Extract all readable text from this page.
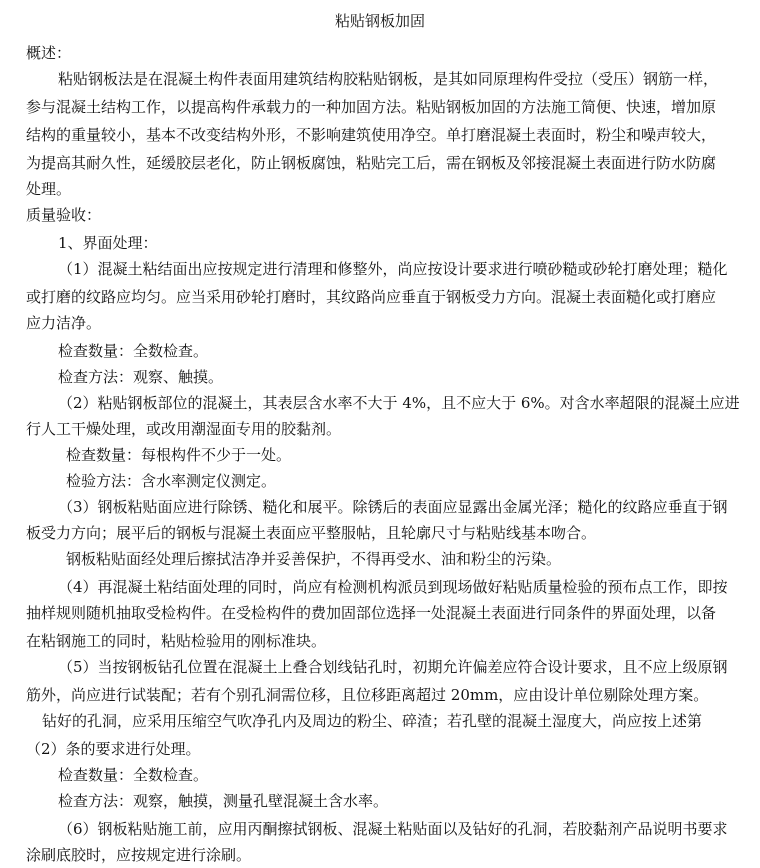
粘贴钢板加固
概述：
粘贴钢板法是在混凝土构件表面用建筑结构胶粘贴钢板，是其如同原理构件受拉（受压）钢筋一样，
参与混凝土结构工作，以提高构件承载力的一种加固方法。粘贴钢板加固的方法施工简便、快速，增加原
结构的重量较小，基本不改变结构外形，不影响建筑使用净空。单打磨混凝土表面时，粉尘和噪声较大，
为提高其耐久性，延缓胶层老化，防止钢板腐蚀，粘贴完工后，需在钢板及邻接混凝土表面进行防水防腐
处理。
质量验收：
1、界面处理：
（1）混凝土粘结面出应按规定进行清理和修整外，尚应按设计要求进行喷砂糙或砂轮打磨处理；糙化
或打磨的纹路应均匀。应当采用砂轮打磨时，其纹路尚应垂直于钢板受力方向。混凝土表面糙化或打磨应
应力洁净。
检查数量：全数检查。
检查方法：观察、触摸。
（2）粘贴钢板部位的混凝土，其表层含水率不大于 4%，且不应大于 6%。对含水率超限的混凝土应进
行人工干燥处理，或改用潮湿面专用的胶黏剂。
检查数量：每根构件不少于一处。
检验方法：含水率测定仪测定。
（3）钢板粘贴面应进行除锈、糙化和展平。除锈后的表面应显露出金属光泽；糙化的纹路应垂直于钢
板受力方向；展平后的钢板与混凝土表面应平整服帖，且轮廓尺寸与粘贴线基本吻合。
钢板粘贴面经处理后擦拭洁净并妥善保护，不得再受水、油和粉尘的污染。
（4）再混凝土粘结面处理的同时，尚应有检测机构派员到现场做好粘贴质量检验的预布点工作，即按
抽样规则随机抽取受检构件。在受检构件的费加固部位选择一处混凝土表面进行同条件的界面处理，以备
在粘钢施工的同时，粘贴检验用的刚标准块。
（5）当按钢板钻孔位置在混凝土上叠合划线钻孔时，初期允许偏差应符合设计要求，且不应上级原钢
筋外，尚应进行试装配；若有个别孔洞需位移，且位移距离超过 20mm，应由设计单位剔除处理方案。
钻好的孔洞，应采用压缩空气吹净孔内及周边的粉尘、碎渣；若孔壁的混凝土湿度大，尚应按上述第
（2）条的要求进行处理。
检查数量：全数检查。
检查方法：观察，触摸，测量孔壁混凝土含水率。
（6）钢板粘贴施工前，应用丙酮擦拭钢板、混凝土粘贴面以及钻好的孔洞，若胶黏剂产品说明书要求
涂刷底胶时，应按规定进行涂刷。
